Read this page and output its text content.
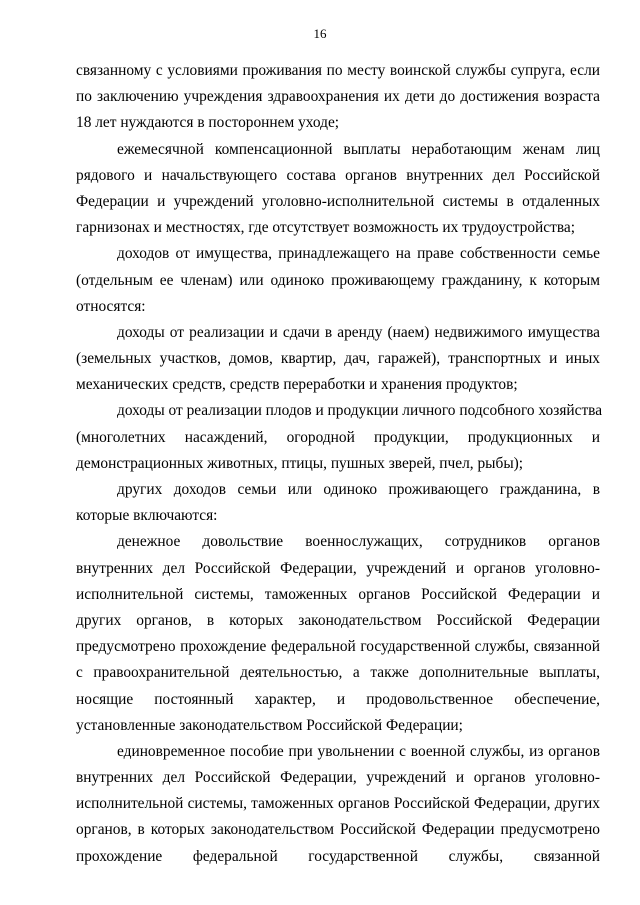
16
связанному с условиями проживания по месту воинской службы супруга, если
по заключению учреждения здравоохранения их дети до достижения возраста
18 лет нуждаются в постороннем уходе;
ежемесячной компенсационной выплаты неработающим женам лиц
рядового и начальствующего состава органов внутренних дел Российской
Федерации и учреждений уголовно-исполнительной системы в отдаленных
гарнизонах и местностях, где отсутствует возможность их трудоустройства;
доходов от имущества, принадлежащего на праве собственности семье
(отдельным ее членам) или одиноко проживающему гражданину, к которым
относятся:
доходы от реализации и сдачи в аренду (наем) недвижимого имущества
(земельных участков, домов, квартир, дач, гаражей), транспортных и иных
механических средств, средств переработки и хранения продуктов;
доходы от реализации плодов и продукции личного подсобного хозяйства
(многолетних насаждений, огородной продукции, продукционных и
демонстрационных животных, птицы, пушных зверей, пчел, рыбы);
других доходов семьи или одиноко проживающего гражданина, в
которые включаются:
денежное довольствие военнослужащих, сотрудников органов
внутренних дел Российской Федерации, учреждений и органов уголовно-
исполнительной системы, таможенных органов Российской Федерации и
других органов, в которых законодательством Российской Федерации
предусмотрено прохождение федеральной государственной службы, связанной
с правоохранительной деятельностью, а также дополнительные выплаты,
носящие постоянный характер, и продовольственное обеспечение,
установленные законодательством Российской Федерации;
единовременное пособие при увольнении с военной службы, из органов
внутренних дел Российской Федерации, учреждений и органов уголовно-
исполнительной системы, таможенных органов Российской Федерации, других
органов, в которых законодательством Российской Федерации предусмотрено
прохождение федеральной государственной службы, связанной
